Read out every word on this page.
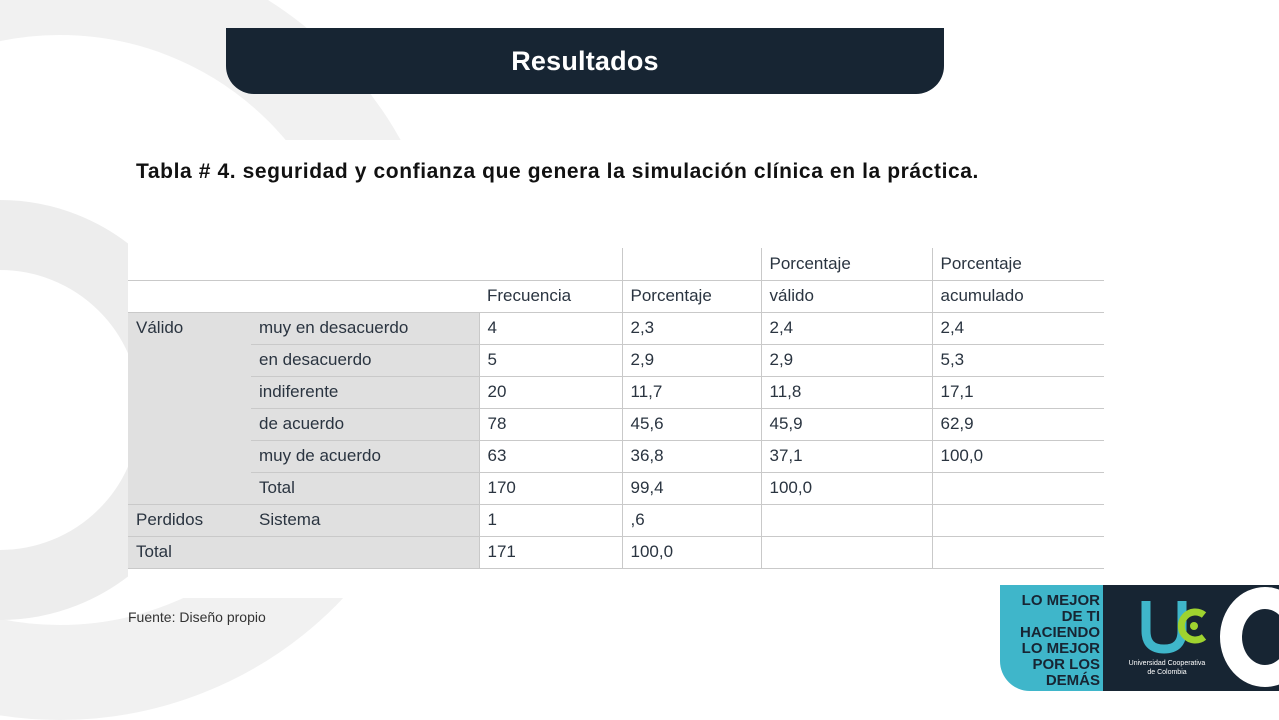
Resultados
Tabla # 4. seguridad y confianza que genera la simulación clínica en la práctica.
				Porcentaje	Porcentaje
		Frecuencia	Porcentaje	válido	acumulado
Válido	muy en desacuerdo	4	2,3	2,4	2,4
	en desacuerdo	5	2,9	2,9	5,3
	indiferente	20	11,7	11,8	17,1
	de acuerdo	78	45,6	45,9	62,9
	muy de acuerdo	63	36,8	37,1	100,0
	Total	170	99,4	100,0	
Perdidos	Sistema	1	,6		
Total		171	100,0		
Fuente: Diseño propio
LO MEJOR
DE TI
HACIENDO
LO MEJOR
POR LOS
DEMÁS
Universidad Cooperativa
de Colombia
